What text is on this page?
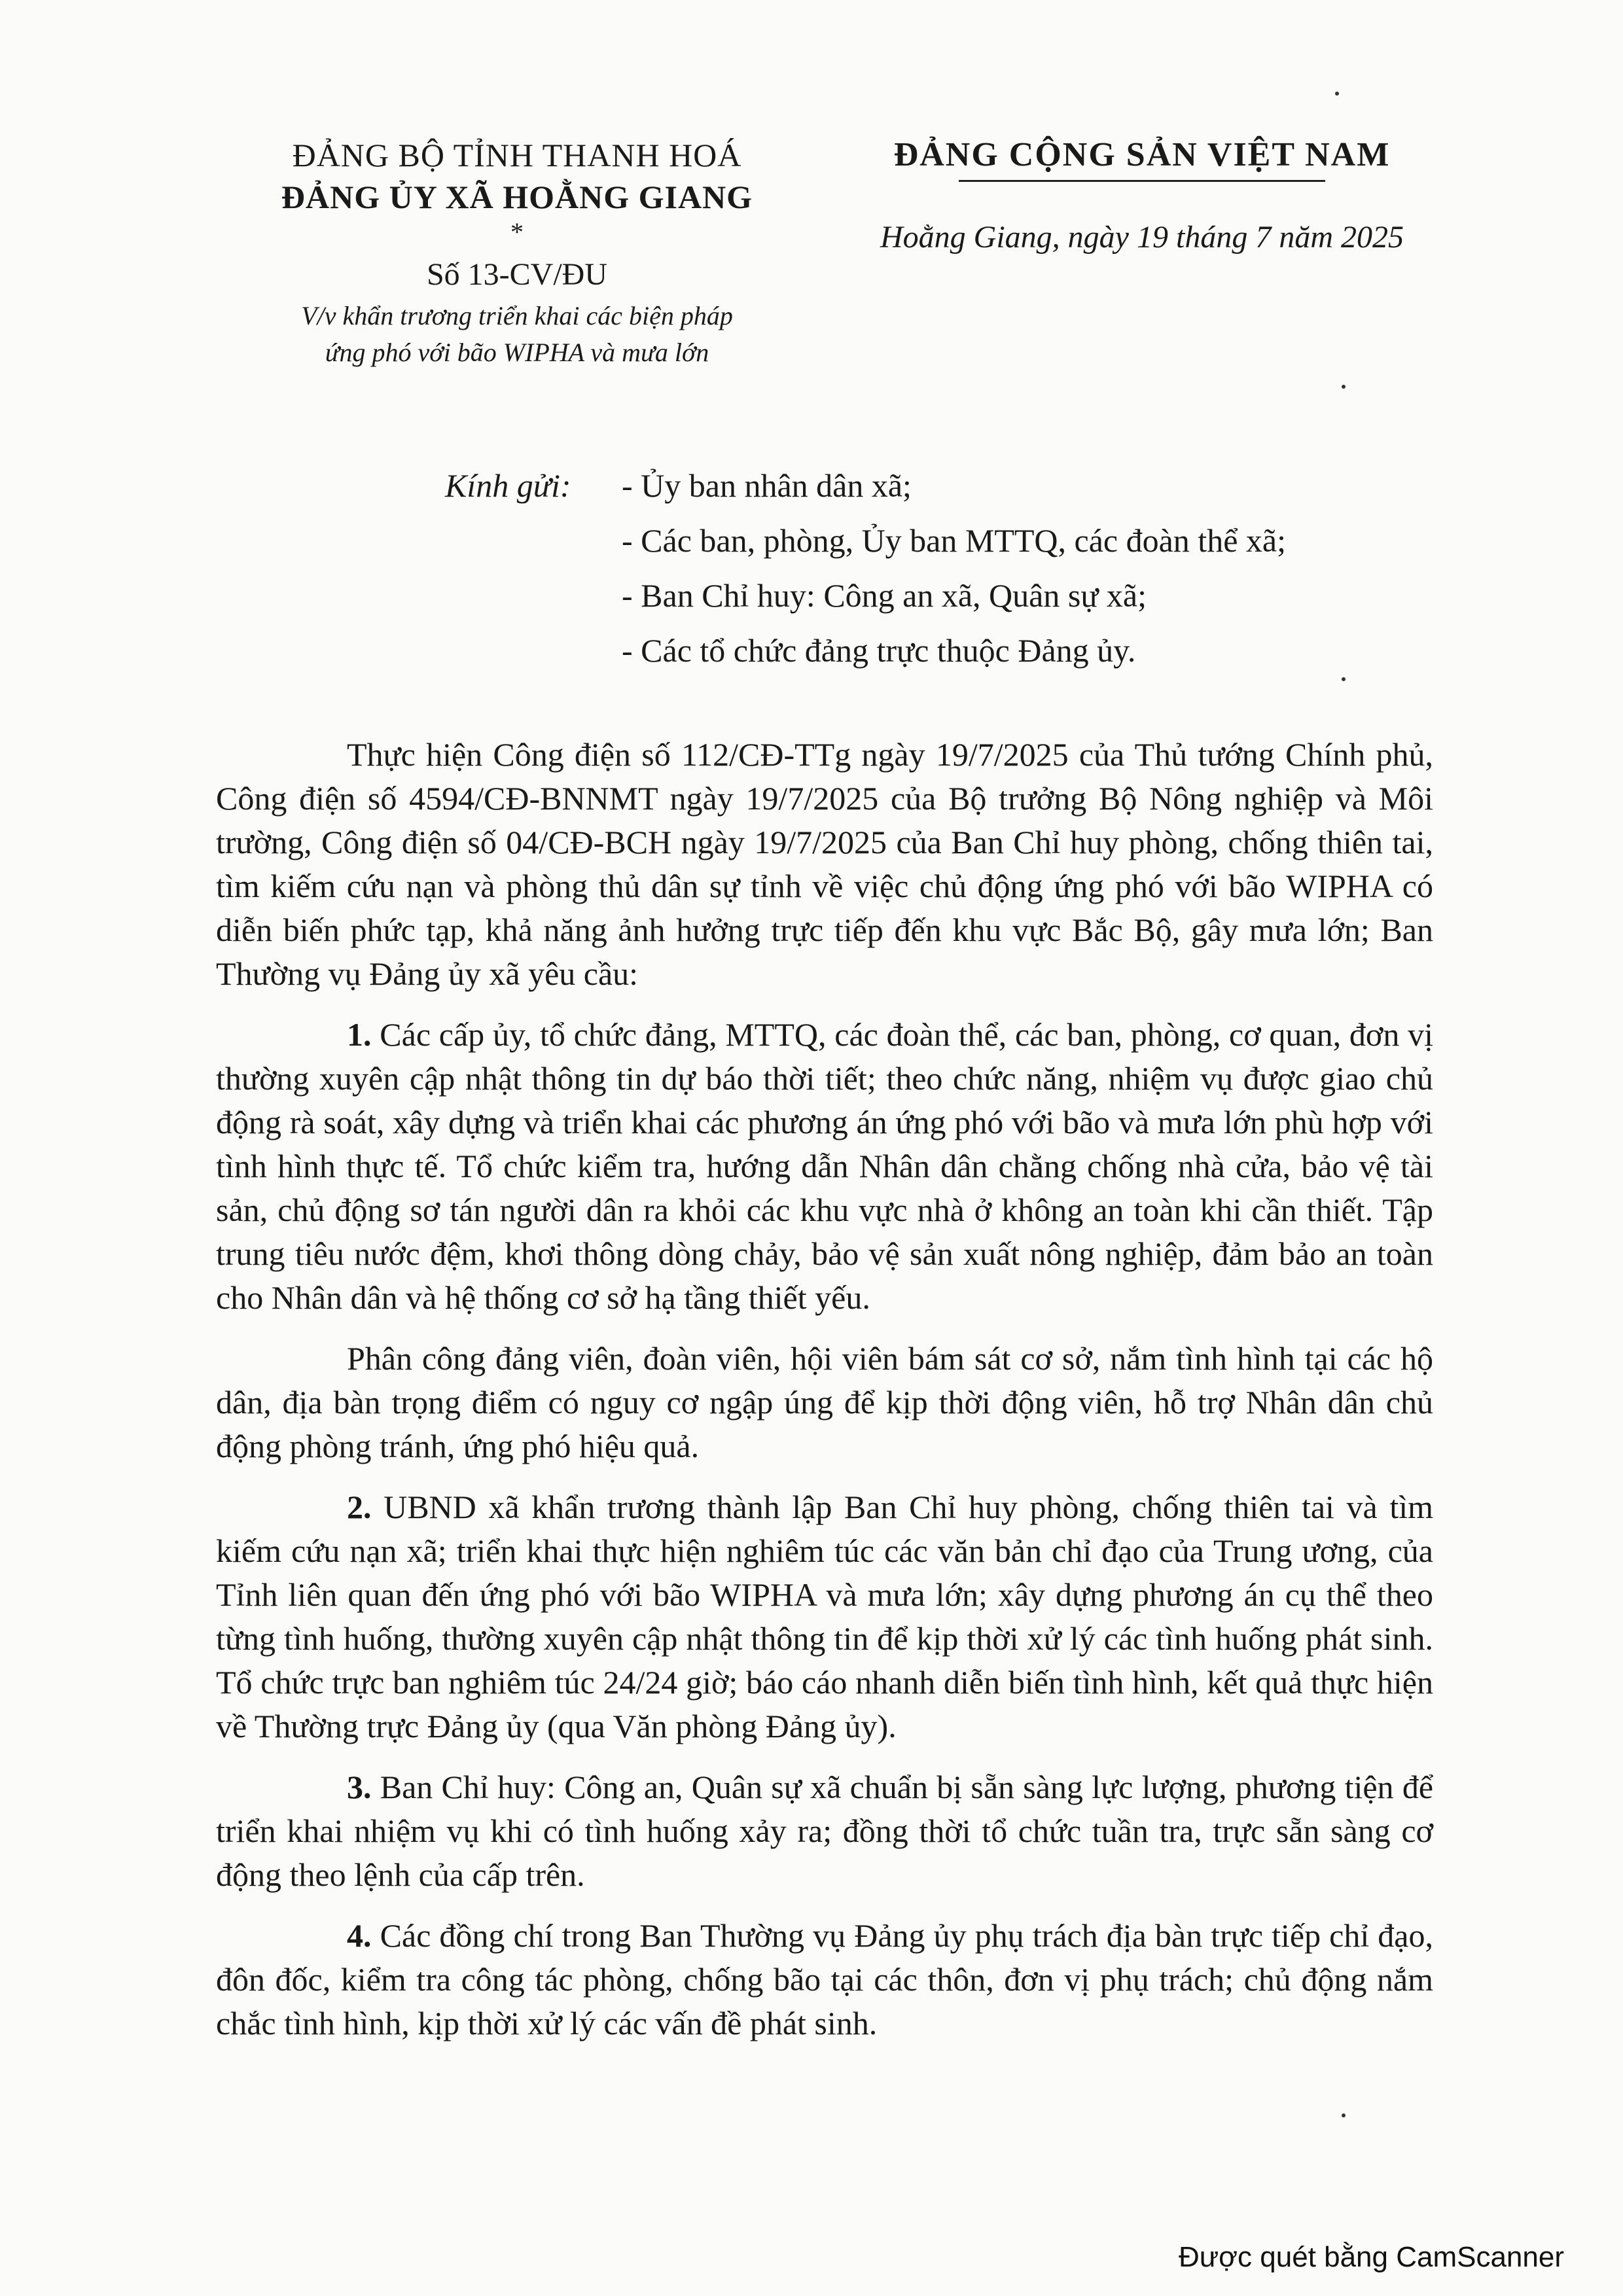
ĐẢNG BỘ TỈNH THANH HOÁ
ĐẢNG ỦY XÃ HOẰNG GIANG
*
Số 13-CV/ĐU
V/v khẩn trương triển khai các biện pháp
ứng phó với bão WIPHA và mưa lớn
ĐẢNG CỘNG SẢN VIỆT NAM
Hoằng Giang, ngày 19 tháng 7 năm 2025
Kính gửi: - Ủy ban nhân dân xã;
- Các ban, phòng, Ủy ban MTTQ, các đoàn thể xã;
- Ban Chỉ huy: Công an xã, Quân sự xã;
- Các tổ chức đảng trực thuộc Đảng ủy.

Thực hiện Công điện số 112/CĐ-TTg ngày 19/7/2025 của Thủ tướng Chính phủ, Công điện số 4594/CĐ-BNNMT ngày 19/7/2025 của Bộ trưởng Bộ Nông nghiệp và Môi trường, Công điện số 04/CĐ-BCH ngày 19/7/2025 của Ban Chỉ huy phòng, chống thiên tai, tìm kiếm cứu nạn và phòng thủ dân sự tỉnh về việc chủ động ứng phó với bão WIPHA có diễn biến phức tạp, khả năng ảnh hưởng trực tiếp đến khu vực Bắc Bộ, gây mưa lớn; Ban Thường vụ Đảng ủy xã yêu cầu:

1. Các cấp ủy, tổ chức đảng, MTTQ, các đoàn thể, các ban, phòng, cơ quan, đơn vị thường xuyên cập nhật thông tin dự báo thời tiết; theo chức năng, nhiệm vụ được giao chủ động rà soát, xây dựng và triển khai các phương án ứng phó với bão và mưa lớn phù hợp với tình hình thực tế. Tổ chức kiểm tra, hướng dẫn Nhân dân chằng chống nhà cửa, bảo vệ tài sản, chủ động sơ tán người dân ra khỏi các khu vực nhà ở không an toàn khi cần thiết. Tập trung tiêu nước đệm, khơi thông dòng chảy, bảo vệ sản xuất nông nghiệp, đảm bảo an toàn cho Nhân dân và hệ thống cơ sở hạ tầng thiết yếu.

Phân công đảng viên, đoàn viên, hội viên bám sát cơ sở, nắm tình hình tại các hộ dân, địa bàn trọng điểm có nguy cơ ngập úng để kịp thời động viên, hỗ trợ Nhân dân chủ động phòng tránh, ứng phó hiệu quả.

2. UBND xã khẩn trương thành lập Ban Chỉ huy phòng, chống thiên tai và tìm kiếm cứu nạn xã; triển khai thực hiện nghiêm túc các văn bản chỉ đạo của Trung ương, của Tỉnh liên quan đến ứng phó với bão WIPHA và mưa lớn; xây dựng phương án cụ thể theo từng tình huống, thường xuyên cập nhật thông tin để kịp thời xử lý các tình huống phát sinh. Tổ chức trực ban nghiêm túc 24/24 giờ; báo cáo nhanh diễn biến tình hình, kết quả thực hiện về Thường trực Đảng ủy (qua Văn phòng Đảng ủy).

3. Ban Chỉ huy: Công an, Quân sự xã chuẩn bị sẵn sàng lực lượng, phương tiện để triển khai nhiệm vụ khi có tình huống xảy ra; đồng thời tổ chức tuần tra, trực sẵn sàng cơ động theo lệnh của cấp trên.

4. Các đồng chí trong Ban Thường vụ Đảng ủy phụ trách địa bàn trực tiếp chỉ đạo, đôn đốc, kiểm tra công tác phòng, chống bão tại các thôn, đơn vị phụ trách; chủ động nắm chắc tình hình, kịp thời xử lý các vấn đề phát sinh.

Được quét bằng CamScanner
